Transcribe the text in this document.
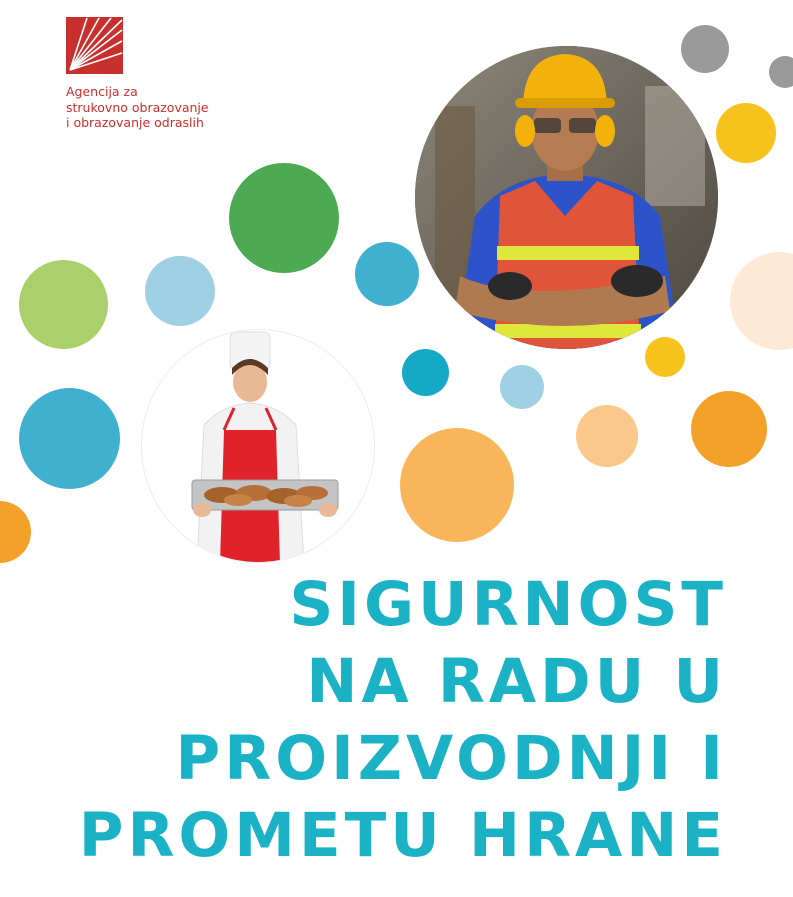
Agencija za
strukovno obrazovanje
i obrazovanje odraslih
SIGURNOST
NA RADU U
PROIZVODNJI I
PROMETU HRANE
